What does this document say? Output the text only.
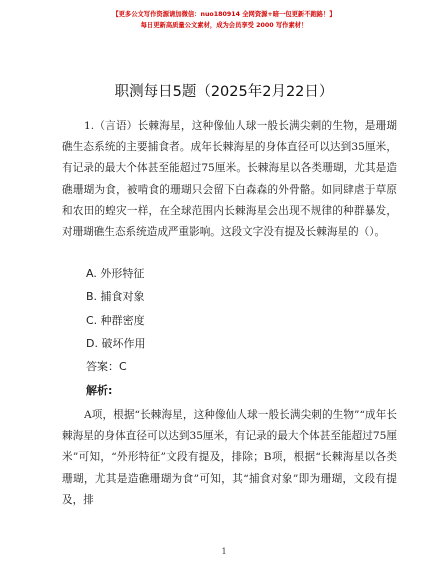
【更多公文写作资源请加微信：nuo180914 全网资源+暗一包更新不跑路！】
每日更新高质量公文素材，成为会员享受 2000 写作素材！
职测每日5题（2025年2月22日）
1.（言语）长棘海星，这种像仙人球一般长满尖刺的生物，是珊瑚礁生态系统的主要捕食者。成年长棘海星的身体直径可以达到35厘米，有记录的最大个体甚至能超过75厘米。长棘海星以各类珊瑚，尤其是造礁珊瑚为食，被啃食的珊瑚只会留下白森森的外骨骼。如同肆虐于草原和农田的蝗灾一样，在全球范围内长棘海星会出现不规律的种群暴发，对珊瑚礁生态系统造成严重影响。这段文字没有提及长棘海星的（）。
A. 外形特征
B. 捕食对象
C. 种群密度
D. 破坏作用
答案：C
解析:
A项，根据“长棘海星，这种像仙人球一般长满尖刺的生物”“成年长棘海星的身体直径可以达到35厘米，有记录的最大个体甚至能超过75厘米”可知，“外形特征”文段有提及，排除；B项，根据“长棘海星以各类珊瑚，尤其是造礁珊瑚为食”可知，其“捕食对象”即为珊瑚，文段有提及，排
1
